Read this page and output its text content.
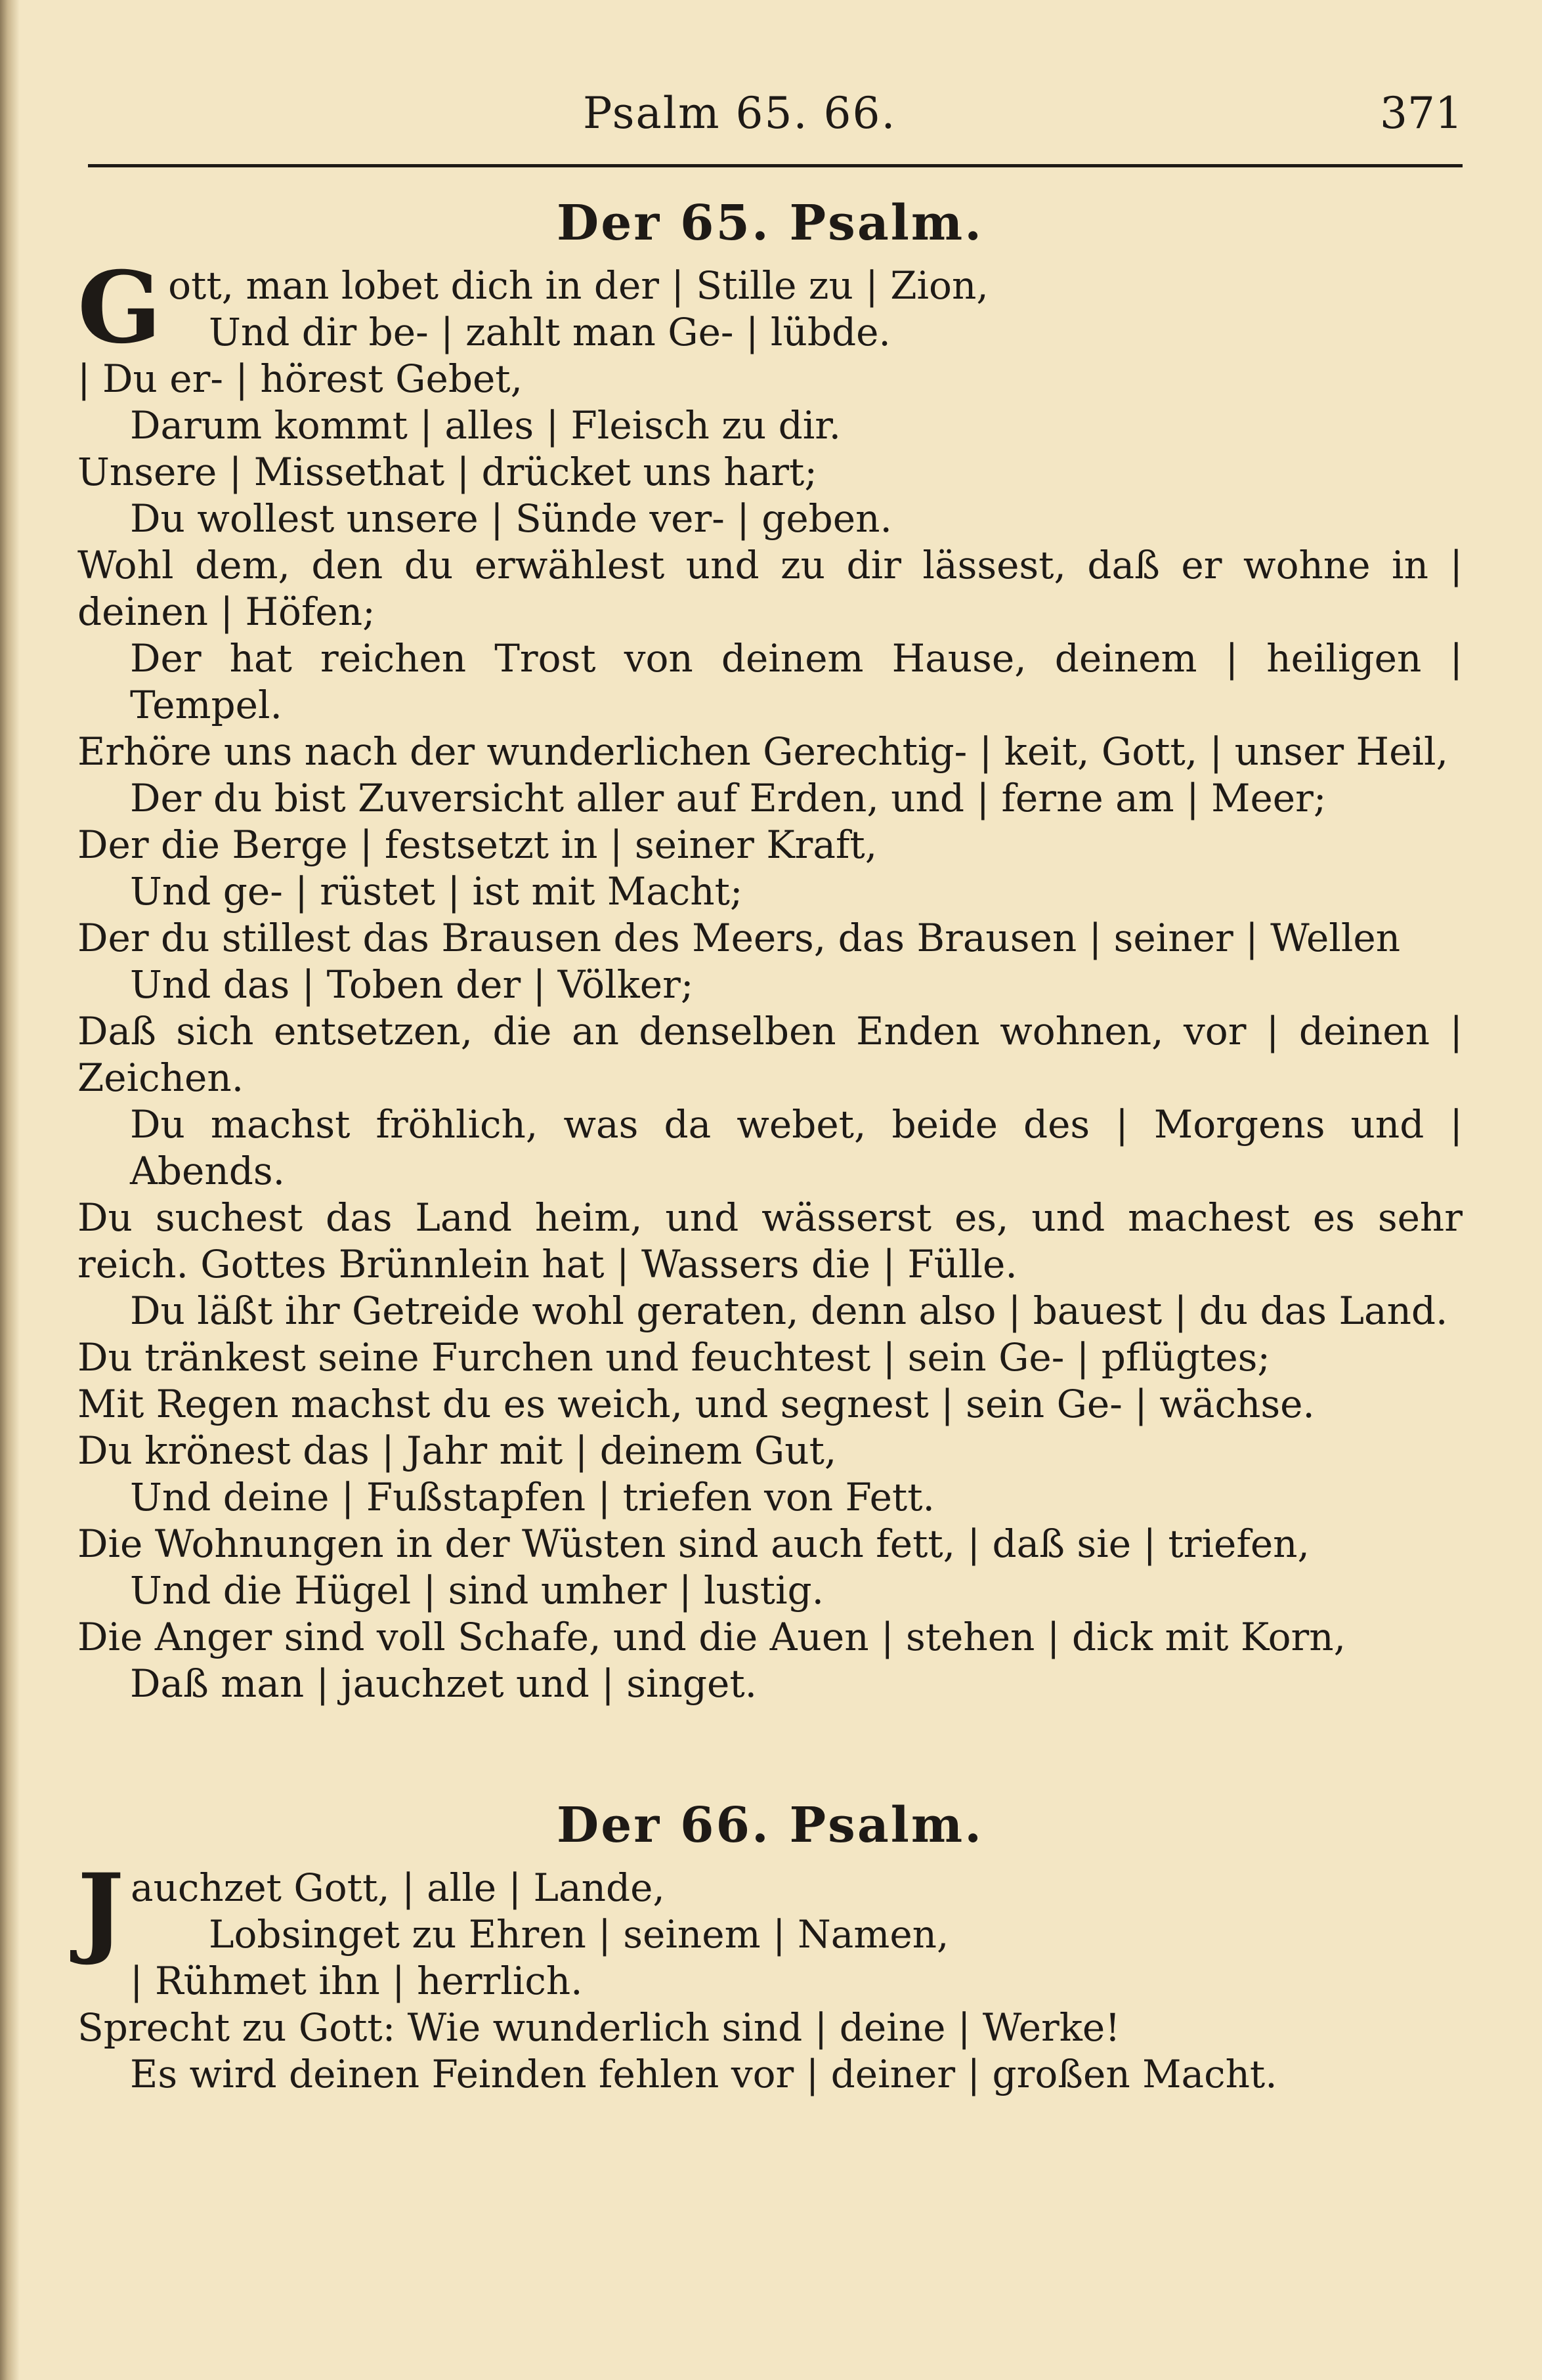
Psalm 65. 66.	371
Der 65. Psalm.

Gott, man lobet dich in der | Stille zu | Zion,

Und dir be- | zahlt man Ge- | lübde.

| Du er- | hörest Gebet,

Darum kommt | alles | Fleisch zu dir.

Unsere | Missethat | drücket uns hart;

Du wollest unsere | Sünde ver- | geben.

Wohl dem, den du erwählest und zu dir lässest, daß er wohne in | deinen | Höfen;

Der hat reichen Trost von deinem Hause, deinem | heiligen | Tempel.

Erhöre uns nach der wunderlichen Gerechtig- | keit, Gott, | unser Heil,

Der du bist Zuversicht aller auf Erden, und | ferne am | Meer;

Der die Berge | festsetzt in | seiner Kraft,

Und ge- | rüstet | ist mit Macht;

Der du stillest das Brausen des Meers, das Brausen | seiner | Wellen

Und das | Toben der | Völker;

Daß sich entsetzen, die an denselben Enden wohnen, vor | deinen | Zeichen.

Du machst fröhlich, was da webet, beide des | Morgens und | Abends.

Du suchest das Land heim, und wässerst es, und machest es sehr reich. Gottes Brünnlein hat | Wassers die | Fülle.

Du läßt ihr Getreide wohl geraten, denn also | bauest | du das Land.

Du tränkest seine Furchen und feuchtest | sein Ge- | pflügtes;

Mit Regen machst du es weich, und segnest | sein Ge- | wächse.

Du krönest das | Jahr mit | deinem Gut,

Und deine | Fußstapfen | triefen von Fett.

Die Wohnungen in der Wüsten sind auch fett, | daß sie | triefen,

Und die Hügel | sind umher | lustig.

Die Anger sind voll Schafe, und die Auen | stehen | dick mit Korn,

Daß man | jauchzet und | singet.

Der 66. Psalm.

Jauchzet Gott, | alle | Lande,

Lobsinget zu Ehren | seinem | Namen,

| Rühmet ihn | herrlich.

Sprecht zu Gott: Wie wunderlich sind | deine | Werke!

Es wird deinen Feinden fehlen vor | deiner | großen Macht.
